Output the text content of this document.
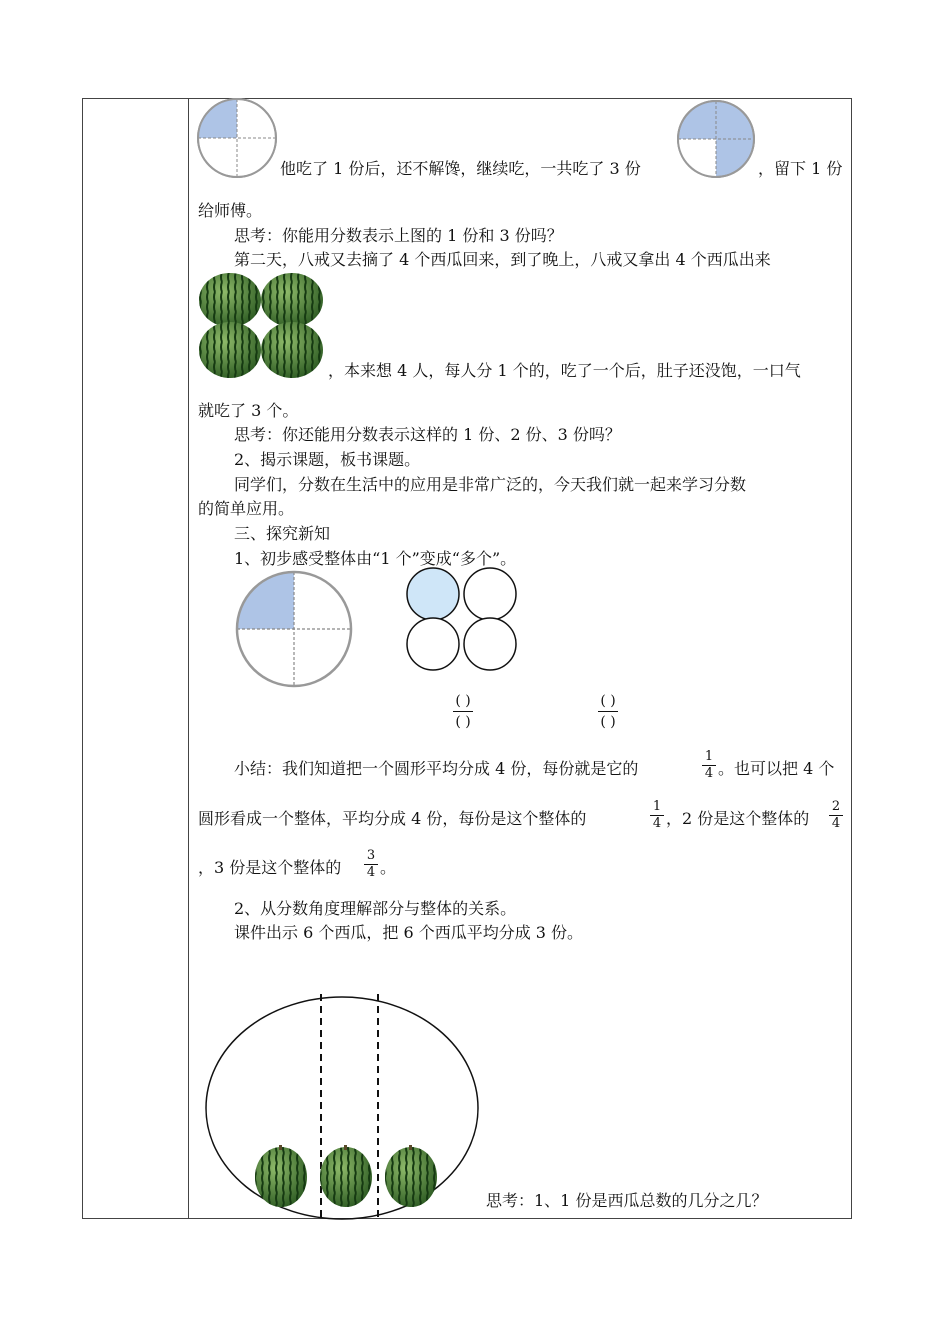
他吃了 1 份后，还不解馋，继续吃，一共吃了 3 份	，留下 1 份
给师傅。
思考：你能用分数表示上图的 1 份和 3 份吗？
第二天，八戒又去摘了 4 个西瓜回来，到了晚上，八戒又拿出 4 个西瓜出来
，本来想 4 人，每人分 1 个的，吃了一个后，肚子还没饱，一口气
就吃了 3 个。
思考：你还能用分数表示这样的 1 份、2 份、3 份吗？
2、揭示课题，板书课题。
同学们，分数在生活中的应用是非常广泛的，今天我们就一起来学习分数
的简单应用。
三、探究新知
1、初步感受整体由“1 个”变成“多个”。
( )
( )
( )
( )
小结：我们知道把一个圆形平均分成 4 份，每份就是它的
1
4 。也可以把 4 个
圆形看成一个整体，平均分成 4 份，每份是这个整体的
1
4 ，2 份是这个整体的
2
4
，3 份是这个整体的
3
4 。
2、从分数角度理解部分与整体的关系。
课件出示 6 个西瓜，把 6 个西瓜平均分成 3 份。
思考：1、1 份是西瓜总数的几分之几？
